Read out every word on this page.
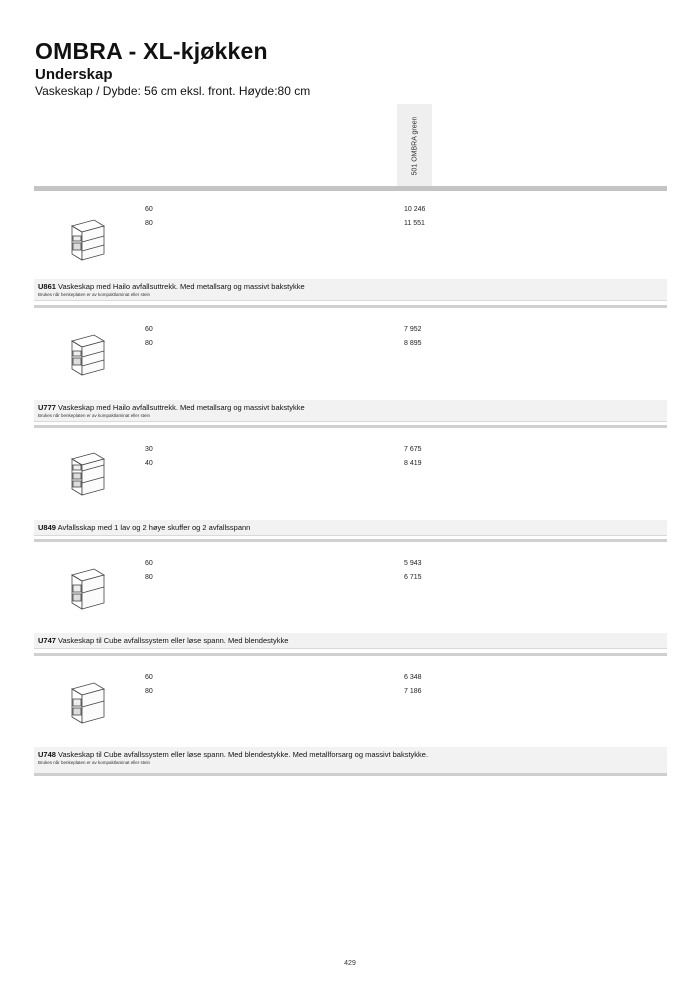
OMBRA - XL-kjøkken
Underskap
Vaskeskap / Dybde: 56 cm eksl. front. Høyde:80 cm
501 OMBRA green
60
80
10 246
11 551
U861 Vaskeskap med Hailo avfallsuttrekk. Med metallsarg og massivt bakstykke
Brukes når benkeplaten er av kompaktlaminat eller stein
60
80
7 952
8 895
U777 Vaskeskap med Hailo avfallsuttrekk. Med metallsarg og massivt bakstykke
Brukes når benkeplaten er av kompaktlaminat eller stein
30
40
7 675
8 419
U849 Avfallsskap med 1 lav og 2 høye skuffer og 2 avfallsspann
60
80
5 943
6 715
U747 Vaskeskap til Cube avfallssystem eller løse spann. Med blendestykke
60
80
6 348
7 186
U748 Vaskeskap til Cube avfallssystem eller løse spann. Med blendestykke. Med metallforsarg og massivt bakstykke.
Brukes når benkeplaten er av kompaktlaminat eller stein
429
